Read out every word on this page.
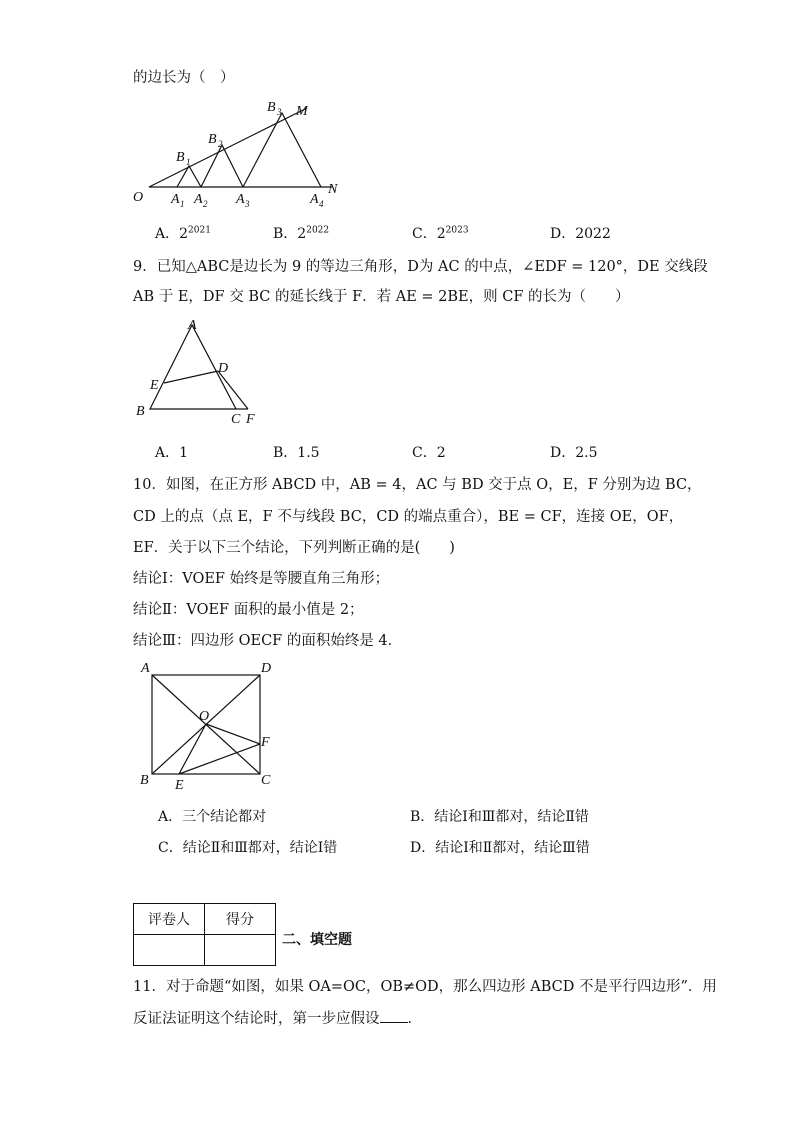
的边长为（　）
O
N
M
B 3
B 2
B 1
A 1 A 2 A 3	A 4
A．$2^{2021}$	B．$2^{2022}$	C．$2^{2023}$	D．2022
9．已知△ABC是边长为 9 的等边三角形，D为 AC 的中点，∠EDF = 120°，DE 交线段
AB 于 E，DF 交 BC 的延长线于 F．若 AE = 2BE，则 CF 的长为（　　）
A
B
C
D
E
F
A．1	B．1.5	C．2	D．2.5
10．如图，在正方形 ABCD 中，AB = 4，AC 与 BD 交于点 O，E，F 分别为边 BC，
CD 上的点（点 E，F 不与线段 BC，CD 的端点重合），BE = CF，连接 OE，OF，
EF．关于以下三个结论，下列判断正确的是(　　)
结论Ⅰ：VOEF 始终是等腰直角三角形；
结论Ⅱ：VOEF 面积的最小值是 2；
结论Ⅲ：四边形 OECF 的面积始终是 4．
A	D
B	C
O
E
F
A．三个结论都对	B．结论Ⅰ和Ⅲ都对，结论Ⅱ错
C．结论Ⅱ和Ⅲ都对，结论Ⅰ错	D．结论Ⅰ和Ⅱ都对，结论Ⅲ错
评卷人	得分

二、填空题
11．对于命题“如图，如果 OA=OC，OB≠OD，那么四边形 ABCD 不是平行四边形”．用
反证法证明这个结论时，第一步应假设 ．
